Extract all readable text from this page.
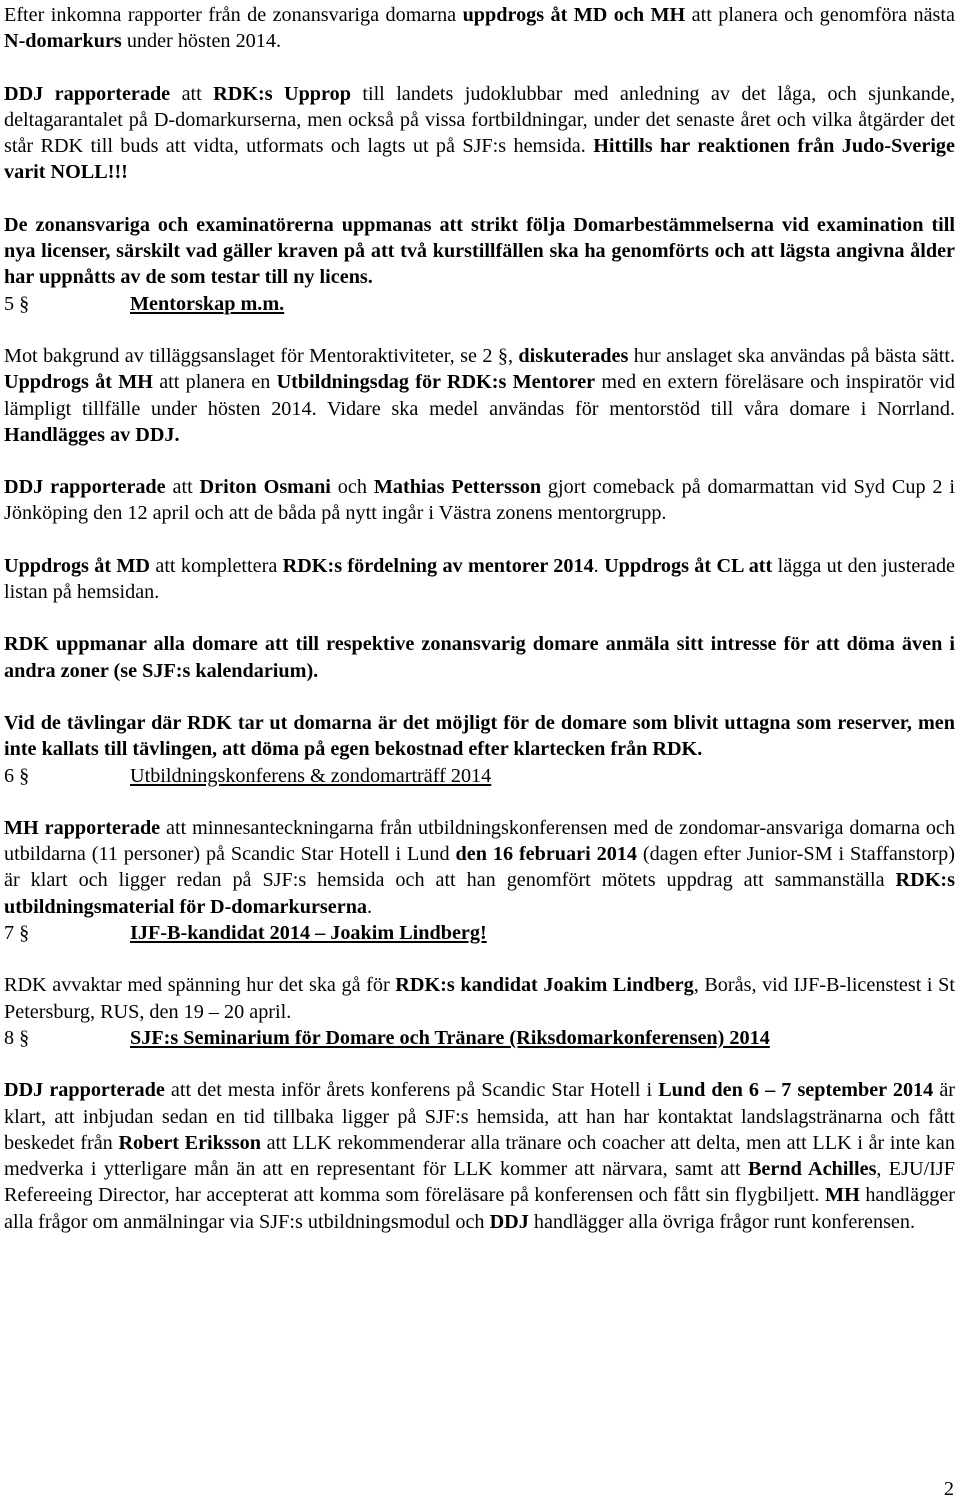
Efter inkomna rapporter från de zonansvariga domarna uppdrogs åt MD och MH att planera och genomföra nästa N-domarkurs under hösten 2014.

DDJ rapporterade att RDK:s Upprop till landets judoklubbar med anledning av det låga, och sjunkande, deltagarantalet på D-domarkurserna, men också på vissa fortbildningar, under det senaste året och vilka åtgärder det står RDK till buds att vidta, utformats och lagts ut på SJF:s hemsida. Hittills har reaktionen från Judo-Sverige varit NOLL!!!

De zonansvariga och examinatörerna uppmanas att strikt följa Domarbestämmelserna vid examination till nya licenser, särskilt vad gäller kraven på att två kurstillfällen ska ha genomförts och att lägsta angivna ålder har uppnåtts av de som testar till ny licens.

5 §	Mentorskap m.m.

Mot bakgrund av tilläggsanslaget för Mentoraktiviteter, se 2 §, diskuterades hur anslaget ska användas på bästa sätt. Uppdrogs åt MH att planera en Utbildningsdag för RDK:s Mentorer med en extern föreläsare och inspiratör vid lämpligt tillfälle under hösten 2014. Vidare ska medel användas för mentorstöd till våra domare i Norrland. Handlägges av DDJ.

DDJ rapporterade att Driton Osmani och Mathias Pettersson gjort comeback på domarmattan vid Syd Cup 2 i Jönköping den 12 april och att de båda på nytt ingår i Västra zonens mentorgrupp.

Uppdrogs åt MD att komplettera RDK:s fördelning av mentorer 2014. Uppdrogs åt CL att lägga ut den justerade listan på hemsidan.

RDK uppmanar alla domare att till respektive zonansvarig domare anmäla sitt intresse för att döma även i andra zoner (se SJF:s kalendarium).

Vid de tävlingar där RDK tar ut domarna är det möjligt för de domare som blivit uttagna som reserver, men inte kallats till tävlingen, att döma på egen bekostnad efter klartecken från RDK.

6 §	Utbildningskonferens & zondomarträff 2014

MH rapporterade att minnesanteckningarna från utbildningskonferensen med de zondomar-ansvariga domarna och utbildarna (11 personer) på Scandic Star Hotell i Lund den 16 februari 2014 (dagen efter Junior-SM i Staffanstorp) är klart och ligger redan på SJF:s hemsida och att han genomfört mötets uppdrag att sammanställa RDK:s utbildningsmaterial för D-domarkurserna.

7 §	IJF-B-kandidat 2014 – Joakim Lindberg!

RDK avvaktar med spänning hur det ska gå för RDK:s kandidat Joakim Lindberg, Borås, vid IJF-B-licenstest i St Petersburg, RUS, den 19 – 20 april.

8 §	SJF:s Seminarium för Domare och Tränare (Riksdomarkonferensen) 2014

DDJ rapporterade att det mesta inför årets konferens på Scandic Star Hotell i Lund den 6 – 7 september 2014 är klart, att inbjudan sedan en tid tillbaka ligger på SJF:s hemsida, att han har kontaktat landslagstränarna och fått beskedet från Robert Eriksson att LLK rekommenderar alla tränare och coacher att delta, men att LLK i år inte kan medverka i ytterligare mån än att en representant för LLK kommer att närvara, samt att Bernd Achilles, EJU/IJF Refereeing Director, har accepterat att komma som föreläsare på konferensen och fått sin flygbiljett. MH handlägger alla frågor om anmälningar via SJF:s utbildningsmodul och DDJ handlägger alla övriga frågor runt konferensen.

2
